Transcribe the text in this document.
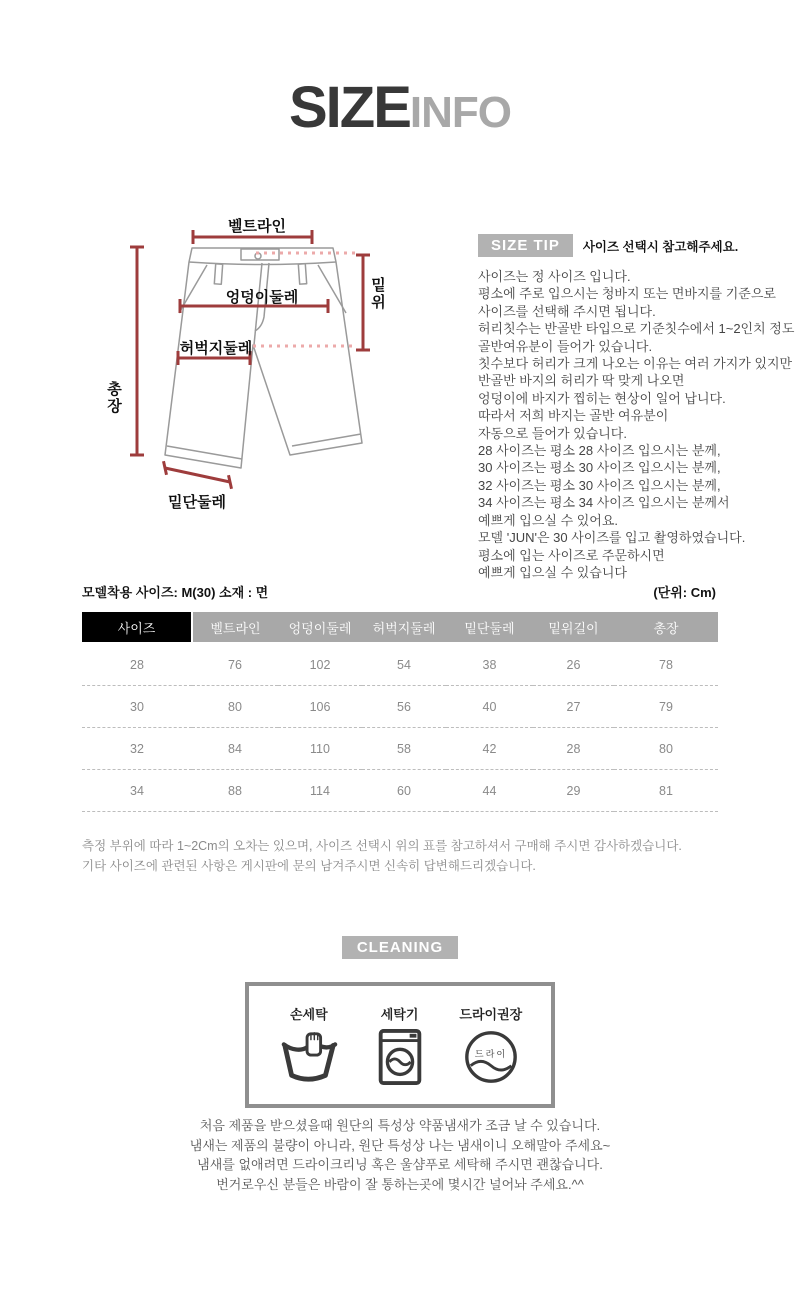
SIZEINFO
벨트라인
엉덩이둘레
허벅지둘레
밑위
총장
밑단둘레
SIZE TIP	사이즈 선택시 참고해주세요.
사이즈는 정 사이즈 입니다.
평소에 주로 입으시는 청바지 또는 면바지를 기준으로
사이즈를 선택해 주시면 됩니다.
허리칫수는 반골반 타입으로 기준칫수에서 1~2인치 정도
골반여유분이 들어가 있습니다.
칫수보다 허리가 크게 나오는 이유는 여러 가지가 있지만
반골반 바지의 허리가 딱 맞게 나오면
엉덩이에 바지가 찝히는 현상이 일어 납니다.
따라서 저희 바지는 골반 여유분이
자동으로 들어가 있습니다.
28 사이즈는 평소 28 사이즈 입으시는 분께,
30 사이즈는 평소 30 사이즈 입으시는 분께,
32 사이즈는 평소 30 사이즈 입으시는 분께,
34 사이즈는 평소 34 사이즈 입으시는 분께서
예쁘게 입으실 수 있어요.
모델 'JUN'은 30 사이즈를 입고 촬영하였습니다.
평소에 입는 사이즈로 주문하시면
예쁘게 입으실 수 있습니다
모델착용 사이즈: M(30) 소재 : 면	(단위: Cm)
사이즈	벨트라인	엉덩이둘레	허벅지둘레	밑단둘레	밑위길이	총장
28	76	102	54	38	26	78
30	80	106	56	40	27	79
32	84	110	58	42	28	80
34	88	114	60	44	29	81
측정 부위에 따라 1~2Cm의 오차는 있으며, 사이즈 선택시 위의 표를 참고하셔서 구매해 주시면 감사하겠습니다.
기타 사이즈에 관련된 사항은 게시판에 문의 남겨주시면 신속히 답변해드리겠습니다.
CLEANING
손세탁	세탁기	드라이권장
드라이
처음 제품을 받으셨을때 원단의 특성상 약품냄새가 조금 날 수 있습니다.
냄새는 제품의 불량이 아니라, 원단 특성상 나는 냄새이니 오해말아 주세요~
냄새를 없애려면 드라이크리닝 혹은 울샴푸로 세탁해 주시면 괜찮습니다.
번거로우신 분들은 바람이 잘 통하는곳에 몇시간 널어놔 주세요.^^
